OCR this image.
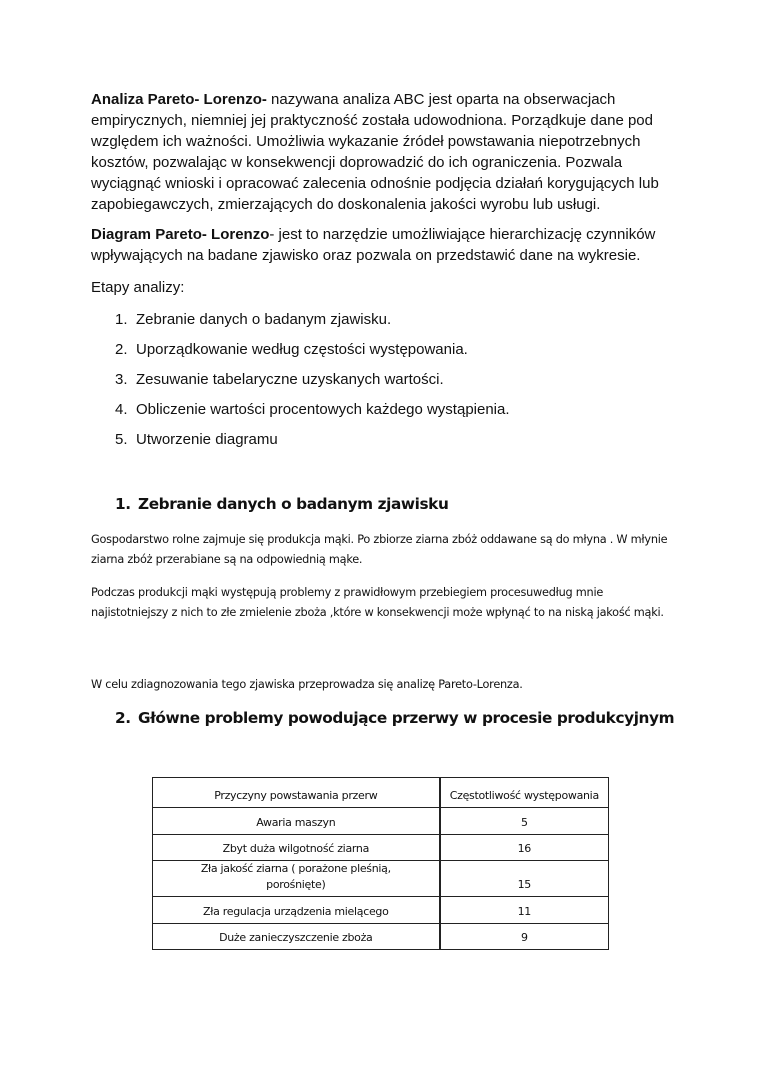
Analiza Pareto- Lorenzo- nazywana analiza ABC jest oparta na obserwacjach empirycznych, niemniej jej praktyczność została udowodniona. Porządkuje dane pod względem ich ważności. Umożliwia wykazanie źródeł powstawania niepotrzebnych kosztów, pozwalając w konsekwencji doprowadzić do ich ograniczenia. Pozwala wyciągnąć wnioski i opracować zalecenia odnośnie podjęcia działań korygujących lub zapobiegawczych, zmierzających do doskonalenia jakości wyrobu lub usługi.

Diagram Pareto- Lorenzo- jest to narzędzie umożliwiające hierarchizację czynników wpływających na badane zjawisko oraz pozwala on przedstawić dane na wykresie.

Etapy analizy:

1. Zebranie danych o badanym zjawisku.
2. Uporządkowanie według częstości występowania.
3. Zesuwanie tabelaryczne uzyskanych wartości.
4. Obliczenie wartości procentowych każdego wystąpienia.
5. Utworzenie diagramu
1. Zebranie danych o badanym zjawisku

Gospodarstwo rolne zajmuje się produkcja mąki. Po zbiorze ziarna zbóż oddawane są do młyna . W młynie ziarna zbóż przerabiane są na odpowiednią mąke.

Podczas produkcji mąki występują problemy z prawidłowym przebiegiem procesuwedług mnie najistotniejszy z nich to złe zmielenie zboża ,które w konsekwencji może wpłynąć to na niską jakość mąki.

W celu zdiagnozowania tego zjawiska przeprowadza się analizę Pareto-Lorenza.

2. Główne problemy powodujące przerwy w procesie produkcyjnym
Przyczyny powstawania przerw	Częstotliwość występowania
Awaria maszyn	5
Zbyt duża wilgotność ziarna	16
Zła jakość ziarna ( porażone pleśnią, porośnięte)	15
Zła regulacja urządzenia mielącego	11
Duże zanieczyszczenie zboża	9
